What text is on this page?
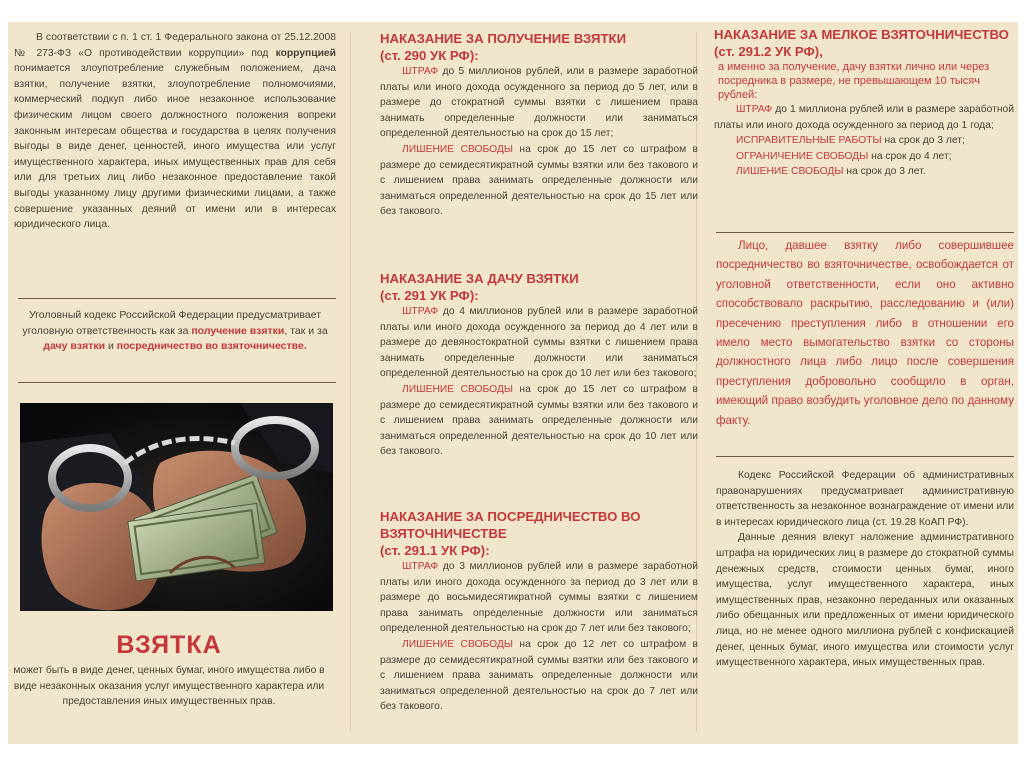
В соответствии с п. 1 ст. 1 Федерального закона от 25.12.2008 № 273-ФЗ «О противодействии коррупции» под коррупцией понимается злоупотребление служебным положением, дача взятки, получение взятки, злоупотребление полномочиями, коммерческий подкуп либо иное незаконное использование физическим лицом своего должностного положения вопреки законным интересам общества и государства в целях получения выгоды в виде денег, ценностей, иного имущества или услуг имущественного характера, иных имущественных прав для себя или для третьих лиц либо незаконное предоставление такой выгоды указанному лицу другими физическими лицами, а также совершение указанных деяний от имени или в интересах юридического лица.
Уголовный кодекс Российской Федерации предусматривает уголовную ответственность как за получение взятки, так и за дачу взятки и посредничество во взяточничестве.
ВЗЯТКА
может быть в виде денег, ценных бумаг, иного имущества либо в виде незаконных оказания услуг имущественного характера или предоставления иных имущественных прав.
НАКАЗАНИЕ ЗА ПОЛУЧЕНИЕ ВЗЯТКИ
(ст. 290 УК РФ):

ШТРАФ до 5 миллионов рублей, или в размере заработной платы или иного дохода осужденного за период до 5 лет, или в размере до стократной суммы взятки с лишением права занимать определенные должности или заниматься определенной деятельностью на срок до 15 лет;

ЛИШЕНИЕ СВОБОДЫ на срок до 15 лет со штрафом в размере до семидесятикратной суммы взятки или без такового и с лишением права занимать определенные должности или заниматься определенной деятельностью на срок до 15 лет или без такового.

НАКАЗАНИЕ ЗА ДАЧУ ВЗЯТКИ
(ст. 291 УК РФ):

ШТРАФ до 4 миллионов рублей или в размере заработной платы или иного дохода осужденного за период до 4 лет или в размере до девяностократной суммы взятки с лишением права занимать определенные должности или заниматься определенной деятельностью на срок до 10 лет или без такового;

ЛИШЕНИЕ СВОБОДЫ на срок до 15 лет со штрафом в размере до семидесятикратной суммы взятки или без такового и с лишением права занимать определенные должности или заниматься определенной деятельностью на срок до 10 лет или без такового.

НАКАЗАНИЕ ЗА ПОСРЕДНИЧЕСТВО ВО ВЗЯТОЧНИЧЕСТВЕ
(ст. 291.1 УК РФ):

ШТРАФ до 3 миллионов рублей или в размере заработной платы или иного дохода осужденного за период до 3 лет или в размере до восьмидесятикратной суммы взятки с лишением права занимать определенные должности или заниматься определенной деятельностью на срок до 7 лет или без такового;

ЛИШЕНИЕ СВОБОДЫ на срок до 12 лет со штрафом в размере до семидесятикратной суммы взятки или без такового и с лишением права занимать определенные должности или заниматься определенной деятельностью на срок до 7 лет или без такового.

НАКАЗАНИЕ ЗА МЕЛКОЕ ВЗЯТОЧНИЧЕСТВО
(ст. 291.2 УК РФ),

а именно за получение, дачу взятки лично или через посредника в размере, не превышающем 10 тысяч рублей:

ШТРАФ до 1 миллиона рублей или в размере заработной платы или иного дохода осужденного за период до 1 года;

ИСПРАВИТЕЛЬНЫЕ РАБОТЫ на срок до 3 лет;

ОГРАНИЧЕНИЕ СВОБОДЫ на срок до 4 лет;

ЛИШЕНИЕ СВОБОДЫ на срок до 3 лет.

Лицо, давшее взятку либо совершившее посредничество во взяточничестве, освобождается от уголовной ответственности, если оно активно способствовало раскрытию, расследованию и (или) пресечению преступления либо в отношении его имело место вымогательство взятки со стороны должностного лица либо лицо после совершения преступления добровольно сообщило в орган, имеющий право возбудить уголовное дело по данному факту.

Кодекс Российской Федерации об административных правонарушениях предусматривает административную ответственность за незаконное вознаграждение от имени или в интересах юридического лица (ст. 19.28 КоАП РФ).

Данные деяния влекут наложение административного штрафа на юридических лиц в размере до стократной суммы денежных средств, стоимости ценных бумаг, иного имущества, услуг имущественного характера, иных имущественных прав, незаконно переданных или оказанных либо обещанных или предложенных от имени юридического лица, но не менее одного миллиона рублей с конфискацией денег, ценных бумаг, иного имущества или стоимости услуг имущественного характера, иных имущественных прав.
